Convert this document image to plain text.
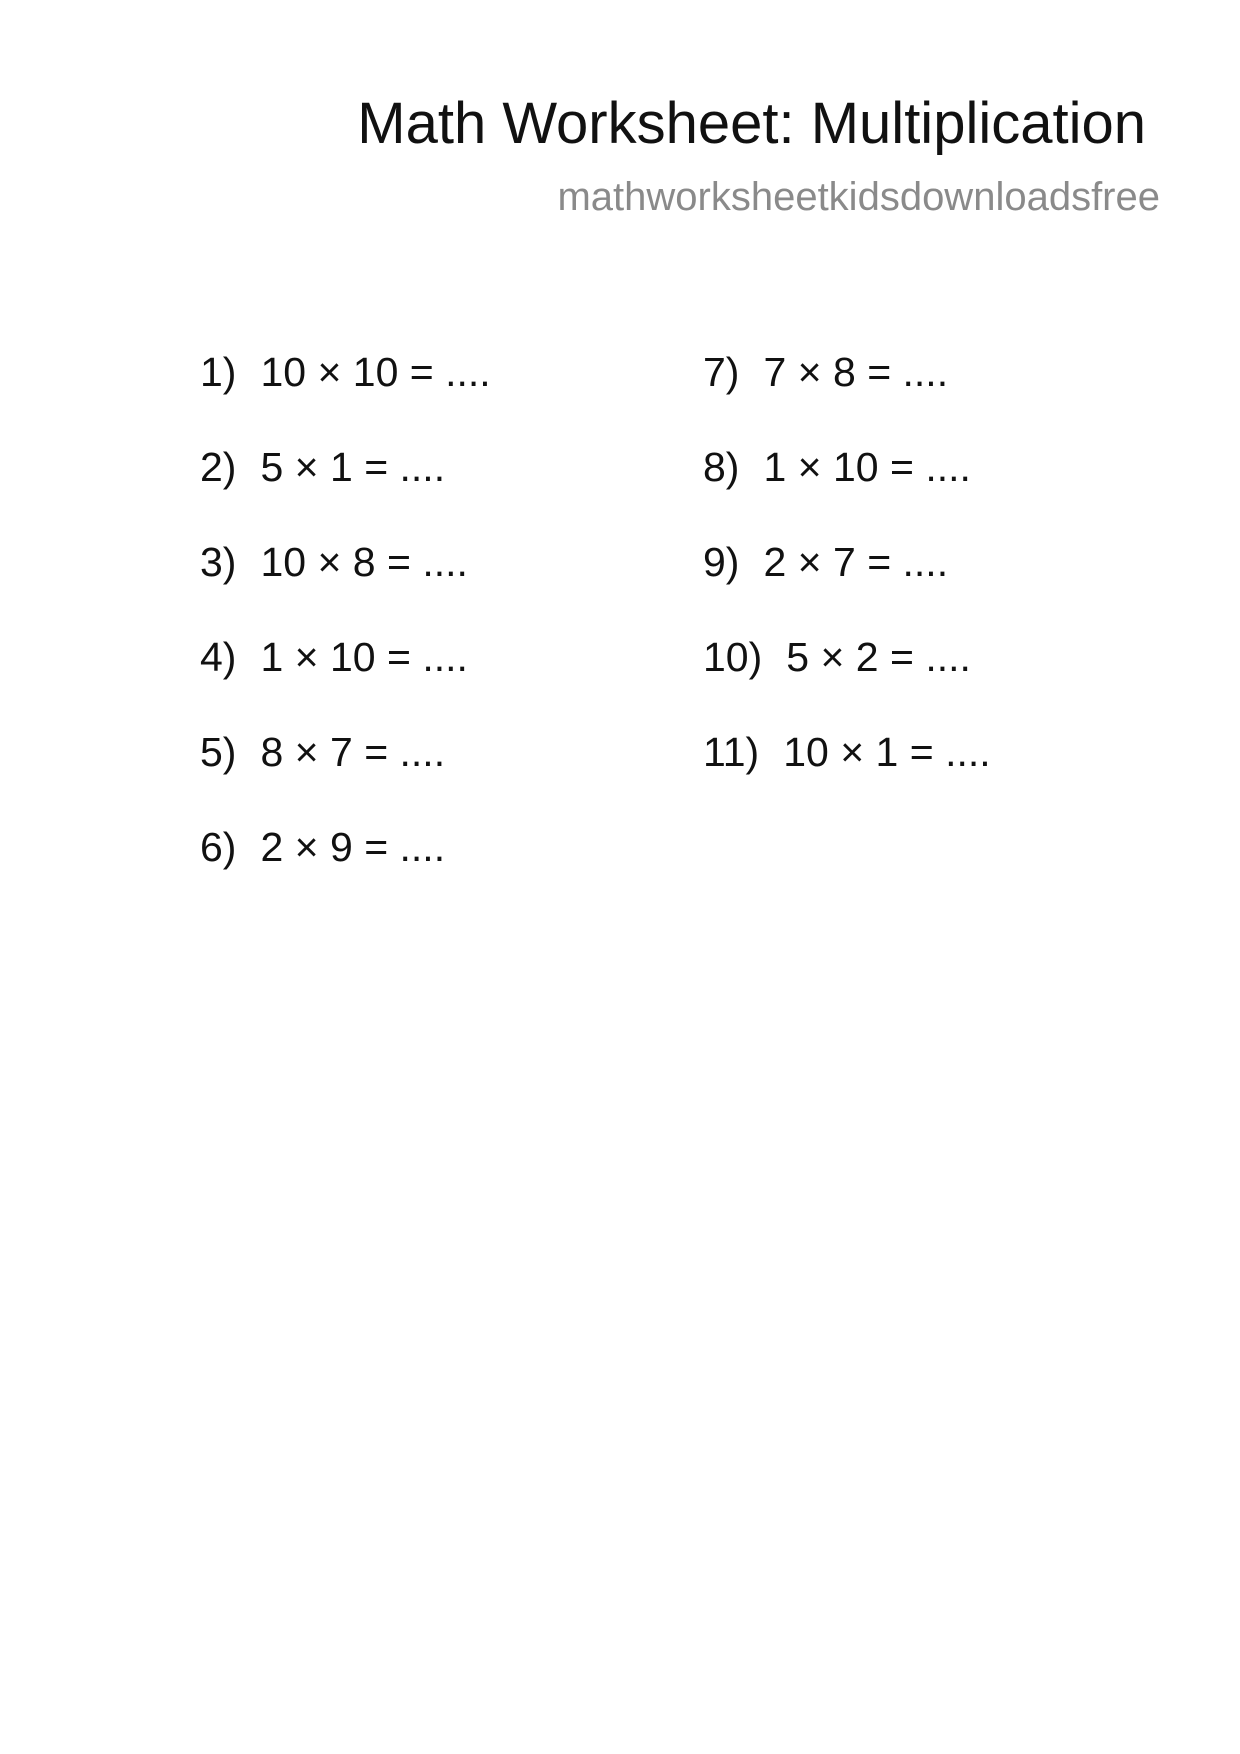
Math Worksheet: Multiplication
mathworksheetkidsdownloadsfree
1) 10 × 10 = ....
2) 5 × 1 = ....
3) 10 × 8 = ....
4) 1 × 10 = ....
5) 8 × 7 = ....
6) 2 × 9 = ....
7) 7 × 8 = ....
8) 1 × 10 = ....
9) 2 × 7 = ....
10) 5 × 2 = ....
11) 10 × 1 = ....
